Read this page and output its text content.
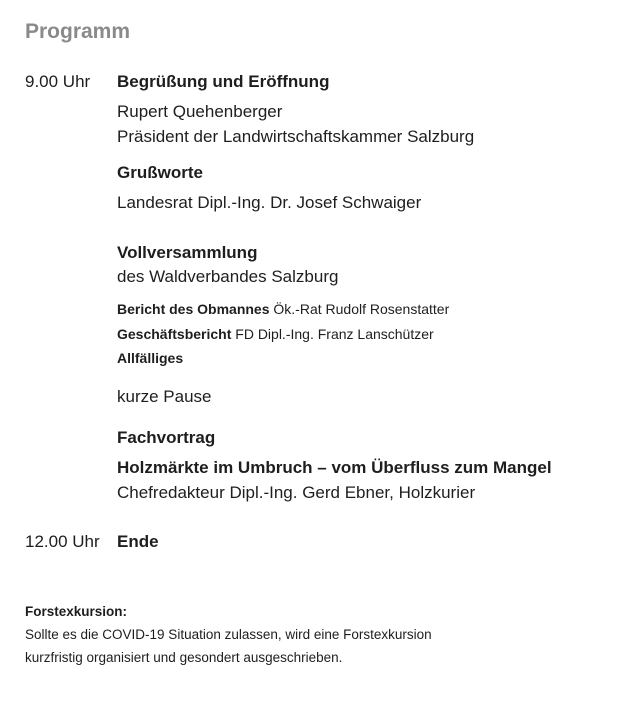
Programm
9.00 Uhr Begrüßung und Eröffnung
Rupert Quehenberger
Präsident der Landwirtschaftskammer Salzburg
Grußworte
Landesrat Dipl.-Ing. Dr. Josef Schwaiger
Vollversammlung
des Waldverbandes Salzburg
Bericht des Obmannes Ök.-Rat Rudolf Rosenstatter
Geschäftsbericht FD Dipl.-Ing. Franz Lanschützer
Allfälliges
kurze Pause
Fachvortrag
Holzmärkte im Umbruch – vom Überfluss zum Mangel
Chefredakteur Dipl.-Ing. Gerd Ebner, Holzkurier
12.00 Uhr Ende
Forstexkursion:
Sollte es die COVID-19 Situation zulassen, wird eine Forstexkursion
kurzfristig organisiert und gesondert ausgeschrieben.
